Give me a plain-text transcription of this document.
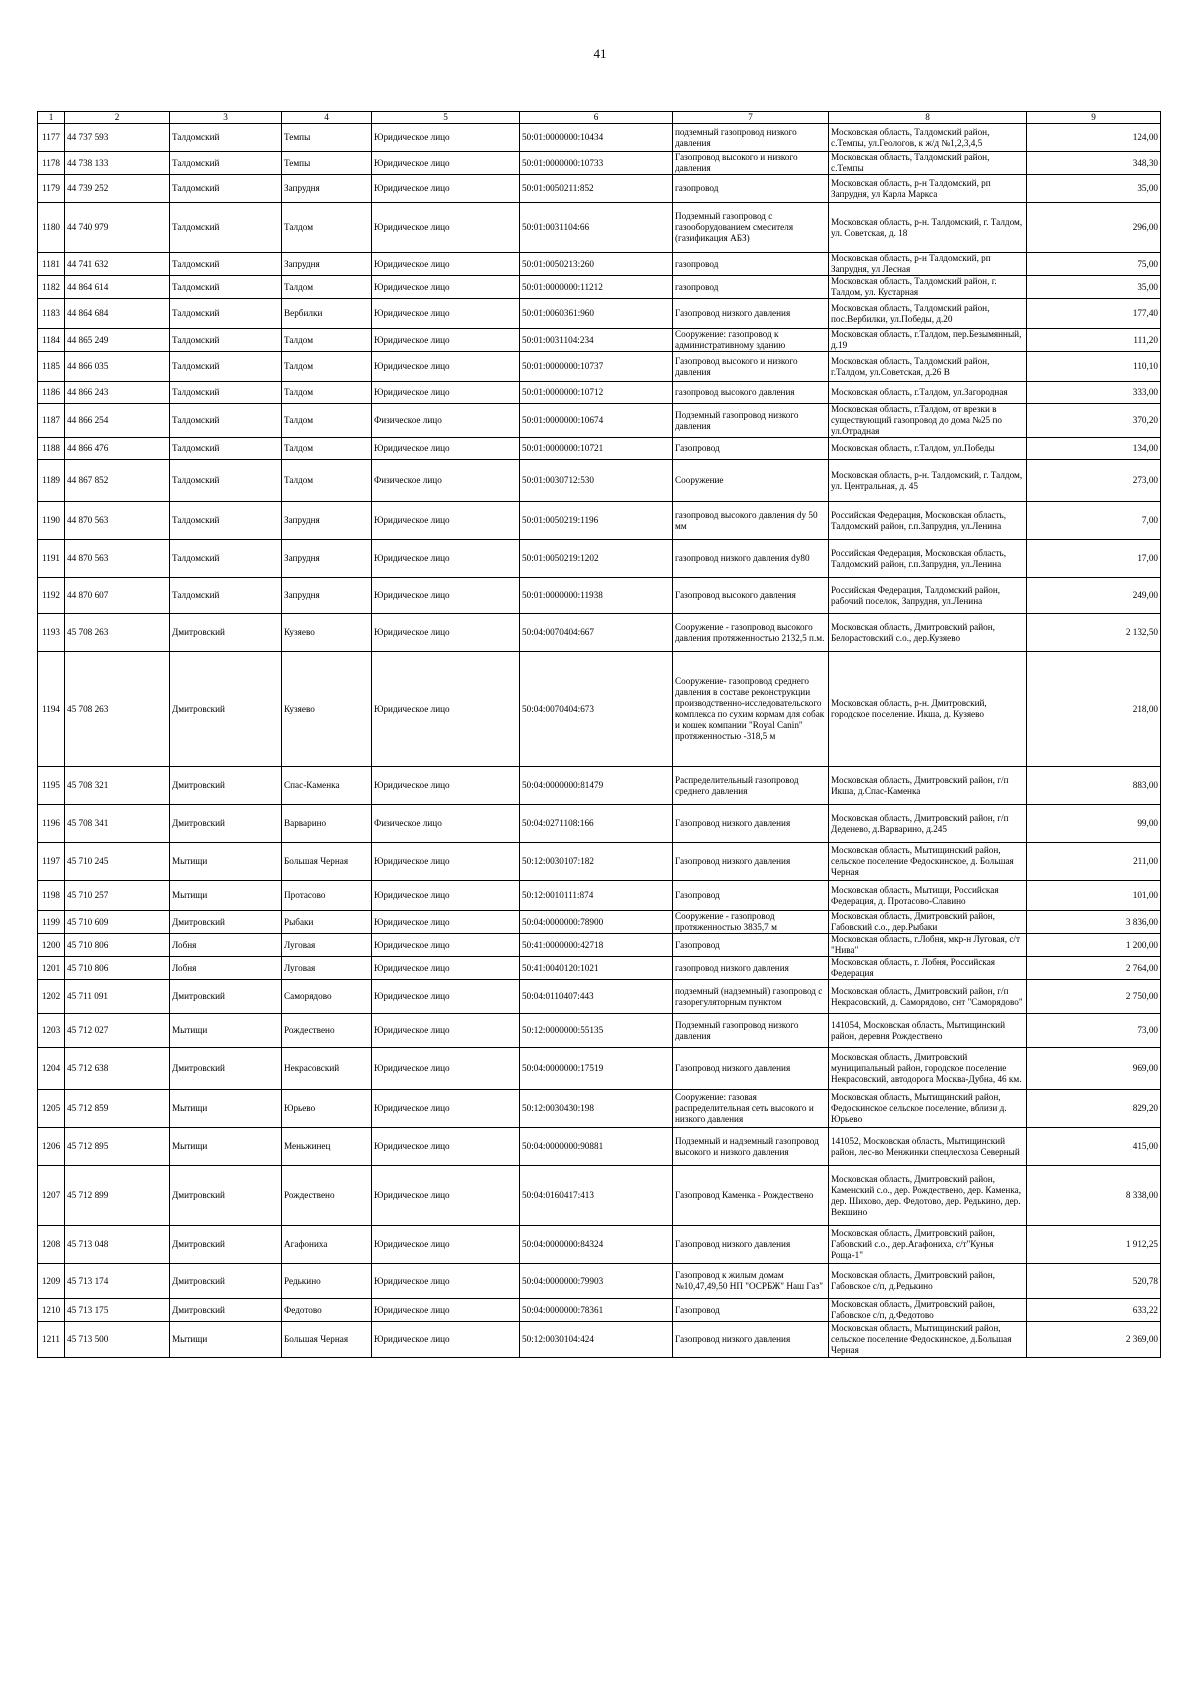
41
1	2	3	4	5	6	7	8	9
1177	44 737 593	Талдомский	Темпы	Юридическое лицо	50:01:0000000:10434	подземный газопровод низкого давления	Московская область, Талдомский район, с.Темпы, ул.Геологов, к ж/д №1,2,3,4,5	124,00
1178	44 738 133	Талдомский	Темпы	Юридическое лицо	50:01:0000000:10733	Газопровод высокого и низкого давления	Московская область, Талдомский район, с.Темпы	348,30
1179	44 739 252	Талдомский	Запрудня	Юридическое лицо	50:01:0050211:852	газопровод	Московская область, р-н Талдомский, рп Запрудня, ул Карла Маркса	35,00
1180	44 740 979	Талдомский	Талдом	Юридическое лицо	50:01:0031104:66	Подземный газопровод с газооборудованием смесителя (газификация АБЗ)	Московская область, р-н. Талдомский, г. Талдом, ул. Советская, д. 18	296,00
1181	44 741 632	Талдомский	Запрудня	Юридическое лицо	50:01:0050213:260	газопровод	Московская область, р-н Талдомский, рп Запрудня, ул Лесная	75,00
1182	44 864 614	Талдомский	Талдом	Юридическое лицо	50:01:0000000:11212	газопровод	Московская область, Талдомский район, г. Талдом, ул. Кустарная	35,00
1183	44 864 684	Талдомский	Вербилки	Юридическое лицо	50:01:0060361:960	Газопровод низкого давления	Московская область, Талдомский район, пос.Вербилки, ул.Победы, д.20	177,40
1184	44 865 249	Талдомский	Талдом	Юридическое лицо	50:01:0031104:234	Сооружение: газопровод к административному зданию	Московская область, г.Талдом, пер.Безымянный, д.19	111,20
1185	44 866 035	Талдомский	Талдом	Юридическое лицо	50:01:0000000:10737	Газопровод высокого и низкого давления	Московская область, Талдомский район, г.Талдом, ул.Советская, д.26 В	110,10
1186	44 866 243	Талдомский	Талдом	Юридическое лицо	50:01:0000000:10712	газопровод высокого давления	Московская область, г.Талдом, ул.Загородная	333,00
1187	44 866 254	Талдомский	Талдом	Физическое лицо	50:01:0000000:10674	Подземный газопровод низкого давления	Московская область, г.Талдом, от врезки в существующий газопровод до дома №25 по ул.Отрадная	370,20
1188	44 866 476	Талдомский	Талдом	Юридическое лицо	50:01:0000000:10721	Газопровод	Московская область, г.Талдом, ул.Победы	134,00
1189	44 867 852	Талдомский	Талдом	Физическое лицо	50:01:0030712:530	Сооружение	Московская область, р-н. Талдомский, г. Талдом, ул. Центральная, д. 45	273,00
1190	44 870 563	Талдомский	Запрудня	Юридическое лицо	50:01:0050219:1196	газопровод высокого давления dу 50 мм	Российская Федерация, Московская область, Талдомский район, г.п.Запрудня, ул.Ленина	7,00
1191	44 870 563	Талдомский	Запрудня	Юридическое лицо	50:01:0050219:1202	газопровод низкого давления dу80	Российская Федерация, Московская область, Талдомский район, г.п.Запрудня, ул.Ленина	17,00
1192	44 870 607	Талдомский	Запрудня	Юридическое лицо	50:01:0000000:11938	Газопровод высокого давления	Российская Федерация, Талдомский район, рабочий поселок, Запрудня, ул.Ленина	249,00
1193	45 708 263	Дмитровский	Кузяево	Юридическое лицо	50:04:0070404:667	Сооружение - газопровод высокого давления протяженностью 2132,5 п.м.	Московская область, Дмитровский район, Белорастовский с.о., дер.Кузяево	2 132,50
1194	45 708 263	Дмитровский	Кузяево	Юридическое лицо	50:04:0070404:673	Сооружение- газопровод среднего давления в составе реконструкции производственно-исследовательского комплекса по сухим кормам для собак и кошек компании "Royal Canin" протяженностью -318,5 м	Московская область, р-н. Дмитровский, городское поселение. Икша, д. Кузяево	218,00
1195	45 708 321	Дмитровский	Спас-Каменка	Юридическое лицо	50:04:0000000:81479	Распределительный газопровод среднего давления	Московская область, Дмитровский район, г/п Икша, д.Спас-Каменка	883,00
1196	45 708 341	Дмитровский	Варварино	Физическое лицо	50:04:0271108:166	Газопровод низкого давления	Московская область, Дмитровский район, г/п Деденево, д.Варварино, д.245	99,00
1197	45 710 245	Мытищи	Большая Черная	Юридическое лицо	50:12:0030107:182	Газопровод низкого давления	Московская область, Мытищинский район, сельское поселение Федоскинское, д. Большая Черная	211,00
1198	45 710 257	Мытищи	Протасово	Юридическое лицо	50:12:0010111:874	Газопровод	Московская область, Мытищи, Российская Федерация, д. Протасово-Славино	101,00
1199	45 710 609	Дмитровский	Рыбаки	Юридическое лицо	50:04:0000000:78900	Сооружение - газопровод протяженностью 3835,7 м	Московская область, Дмитровский район, Габовский с.о., дер.Рыбаки	3 836,00
1200	45 710 806	Лобня	Луговая	Юридическое лицо	50:41:0000000:42718	Газопровод	Московская область, г.Лобня, мкр-н Луговая, с/т "Нива"	1 200,00
1201	45 710 806	Лобня	Луговая	Юридическое лицо	50:41:0040120:1021	газопровод низкого давления	Московская область, г. Лобня, Российская Федерация	2 764,00
1202	45 711 091	Дмитровский	Саморядово	Юридическое лицо	50:04:0110407:443	подземный (надземный) газопровод с газорегуляторным пунктом	Московская область, Дмитровский район, г/п Некрасовский, д. Саморядово, снт "Саморядово"	2 750,00
1203	45 712 027	Мытищи	Рождествено	Юридическое лицо	50:12:0000000:55135	Подземный газопровод низкого давления	141054, Московская область, Мытищинский район, деревня Рождествено	73,00
1204	45 712 638	Дмитровский	Некрасовский	Юридическое лицо	50:04:0000000:17519	Газопровод низкого давления	Московская область, Дмитровский муниципальный район, городское поселение Некрасовский, автодорога Москва-Дубна, 46 км.	969,00
1205	45 712 859	Мытищи	Юрьево	Юридическое лицо	50:12:0030430:198	Сооружение: газовая распределительная сеть высокого и низкого давления	Московская область, Мытищинский район, Федоскинское сельское поселение, вблизи д. Юрьево	829,20
1206	45 712 895	Мытищи	Меньжинец	Юридическое лицо	50:04:0000000:90881	Подземный и надземный газопровод высокого и низкого давления	141052, Московская область, Мытищинский район, лес-во Менжинки спецлесхоза Северный	415,00
1207	45 712 899	Дмитровский	Рождествено	Юридическое лицо	50:04:0160417:413	Газопровод Каменка - Рождествено	Московская область, Дмитровский район, Каменский с.о., дер. Рождествено, дер. Каменка, дер. Шихово, дер. Федотово, дер. Редькино, дер. Векшино	8 338,00
1208	45 713 048	Дмитровский	Агафониха	Юридическое лицо	50:04:0000000:84324	Газопровод низкого давления	Московская область, Дмитровский район, Габовский с.о., дер.Агафониха, с/т"Кунья Роща-1"	1 912,25
1209	45 713 174	Дмитровский	Редькино	Юридическое лицо	50:04:0000000:79903	Газопровод к жилым домам №10,47,49,50 НП "ОСРБЖ" Наш Газ"	Московская область, Дмитровский район, Габовское с/п, д.Редькино	520,78
1210	45 713 175	Дмитровский	Федотово	Юридическое лицо	50:04:0000000:78361	Газопровод	Московская область, Дмитровский район, Габовское с/п, д.Федотово	633,22
1211	45 713 500	Мытищи	Большая Черная	Юридическое лицо	50:12:0030104:424	Газопровод низкого давления	Московская область, Мытищинский район, сельское поселение Федоскинское, д.Большая Черная	2 369,00
